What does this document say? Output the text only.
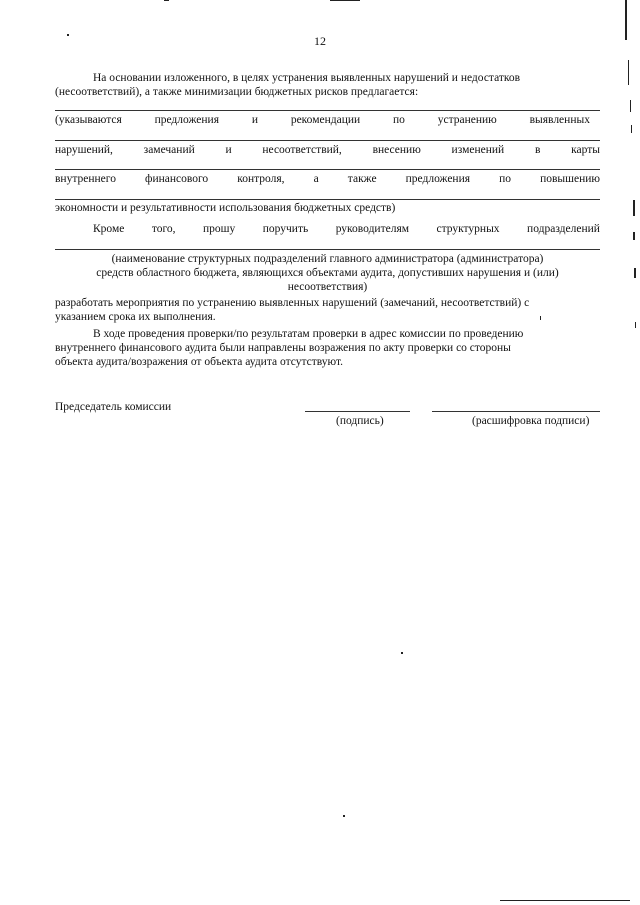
12
На основании изложенного, в целях устранения выявленных нарушений и недостатков
(несоответствий), а также минимизации бюджетных рисков предлагается:
(указываются	предложения	и	рекомендации	по	устранению	выявленных
нарушений,	замечаний	и	несоответствий,	внесению	изменений	в	карты
внутреннего	финансового	контроля,	а	также	предложения	по	повышению
экономности и результативности использования бюджетных средств)
Кроме того, прошу поручить руководителям структурных подразделений
(наименование структурных подразделений главного администратора (администратора)
средств областного бюджета, являющихся объектами аудита, допустивших нарушения и (или)
несоответствия)
разработать мероприятия по устранению выявленных нарушений (замечаний, несоответствий) с
указанием срока их выполнения.
В ходе проведения проверки/по результатам проверки в адрес комиссии по проведению
внутреннего финансового аудита были направлены возражения по акту проверки со стороны
объекта аудита/возражения от объекта аудита отсутствуют.
Председатель комиссии
(подпись)	(расшифровка подписи)
